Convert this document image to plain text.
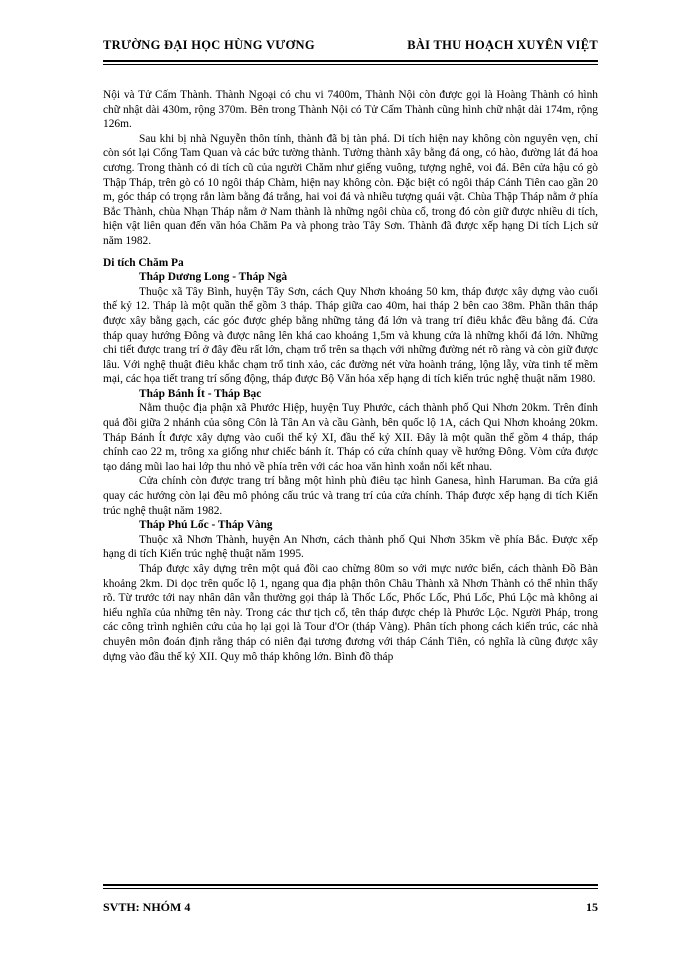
TRƯỜNG ĐẠI HỌC HÙNG VƯƠNG	BÀI THU HOẠCH XUYÊN VIỆT

Nội và Tử Cấm Thành. Thành Ngoại có chu vi 7400m, Thành Nội còn được gọi là Hoàng Thành có hình chữ nhật dài 430m, rộng 370m. Bên trong Thành Nội có Tử Cấm Thành cũng hình chữ nhật dài 174m, rộng 126m.

Sau khi bị nhà Nguyễn thôn tính, thành đã bị tàn phá. Di tích hiện nay không còn nguyên vẹn, chỉ còn sót lại Cổng Tam Quan và các bức tường thành. Tường thành xây bằng đá ong, có hào, đường lát đá hoa cương. Trong thành có di tích cũ của người Chăm như giếng vuông, tượng nghê, voi đá. Bên cửa hậu có gò Thập Tháp, trên gò có 10 ngôi tháp Chàm, hiện nay không còn. Đặc biệt có ngôi tháp Cánh Tiên cao gần 20 m, góc tháp có trọng rắn làm bằng đá trắng, hai voi đá và nhiều tượng quái vật. Chùa Thập Tháp nằm ở phía Bắc Thành, chùa Nhạn Tháp nằm ở Nam thành là những ngôi chùa cổ, trong đó còn giữ được nhiều di tích, hiện vật liên quan đến văn hóa Chăm Pa và phong trào Tây Sơn. Thành đã được xếp hạng Di tích Lịch sử năm 1982.

Di tích Chăm Pa

Tháp Dương Long - Tháp Ngà

Thuộc xã Tây Bình, huyện Tây Sơn, cách Quy Nhơn khoảng 50 km, tháp được xây dựng vào cuối thế kỷ 12. Tháp là một quần thể gồm 3 tháp. Tháp giữa cao 40m, hai tháp 2 bên cao 38m. Phần thân tháp được xây bằng gạch, các góc được ghép bằng những tảng đá lớn và trang trí điêu khắc đều bằng đá. Cửa tháp quay hướng Đông và được nâng lên khá cao khoảng 1,5m và khung cửa là những khối đá lớn. Những chi tiết được trang trí ở đây đều rất lớn, chạm trổ trên sa thạch với những đường nét rõ ràng và còn giữ được lâu. Với nghệ thuật điêu khắc chạm trổ tinh xảo, các đường nét vừa hoành tráng, lộng lẫy, vừa tinh tế mềm mại, các họa tiết trang trí sống động, tháp được Bộ Văn hóa xếp hạng di tích kiến trúc nghệ thuật năm 1980.

Tháp Bánh Ít - Tháp Bạc

Nằm thuộc địa phận xã Phước Hiệp, huyện Tuy Phước, cách thành phố Qui Nhơn 20km. Trên đỉnh quả đồi giữa 2 nhánh của sông Côn là Tân An và cầu Gành, bên quốc lộ 1A, cách Qui Nhơn khoảng 20km. Tháp Bánh Ít được xây dựng vào cuối thế kỷ XI, đầu thế kỷ XII. Đây là một quần thể gồm 4 tháp, tháp chính cao 22 m, trông xa giống như chiếc bánh ít. Tháp có cửa chính quay về hướng Đông. Vòm cửa được tạo dáng mũi lao hai lớp thu nhỏ về phía trên với các hoa văn hình xoắn nối kết nhau.

Cửa chính còn được trang trí bằng một hình phù điêu tạc hình Ganesa, hình Haruman. Ba cửa giả quay các hướng còn lại đều mô phỏng cấu trúc và trang trí của cửa chính. Tháp được xếp hạng di tích Kiến trúc nghệ thuật năm 1982.

Tháp Phú Lốc - Tháp Vàng

Thuộc xã Nhơn Thành, huyện An Nhơn, cách thành phố Qui Nhơn 35km về phía Bắc. Được xếp hạng di tích Kiến trúc nghệ thuật năm 1995.

Tháp được xây dựng trên một quả đồi cao chừng 80m so với mực nước biển, cách thành Đồ Bàn khoảng 2km. Di dọc trên quốc lộ 1, ngang qua địa phận thôn Châu Thành xã Nhơn Thành có thể nhìn thấy rõ. Từ trước tới nay nhân dân vẫn thường gọi tháp là Thốc Lốc, Phốc Lốc, Phú Lốc, Phú Lộc mà không ai hiểu nghĩa của những tên này. Trong các thư tịch cổ, tên tháp được chép là Phước Lộc. Người Pháp, trong các công trình nghiên cứu của họ lại gọi là Tour d'Or (tháp Vàng). Phân tích phong cách kiến trúc, các nhà chuyên môn đoán định rằng tháp có niên đại tương đương với tháp Cánh Tiên, có nghĩa là cũng được xây dựng vào đầu thế kỷ XII. Quy mô tháp không lớn. Bình đồ tháp

SVTH: NHÓM 4	15
